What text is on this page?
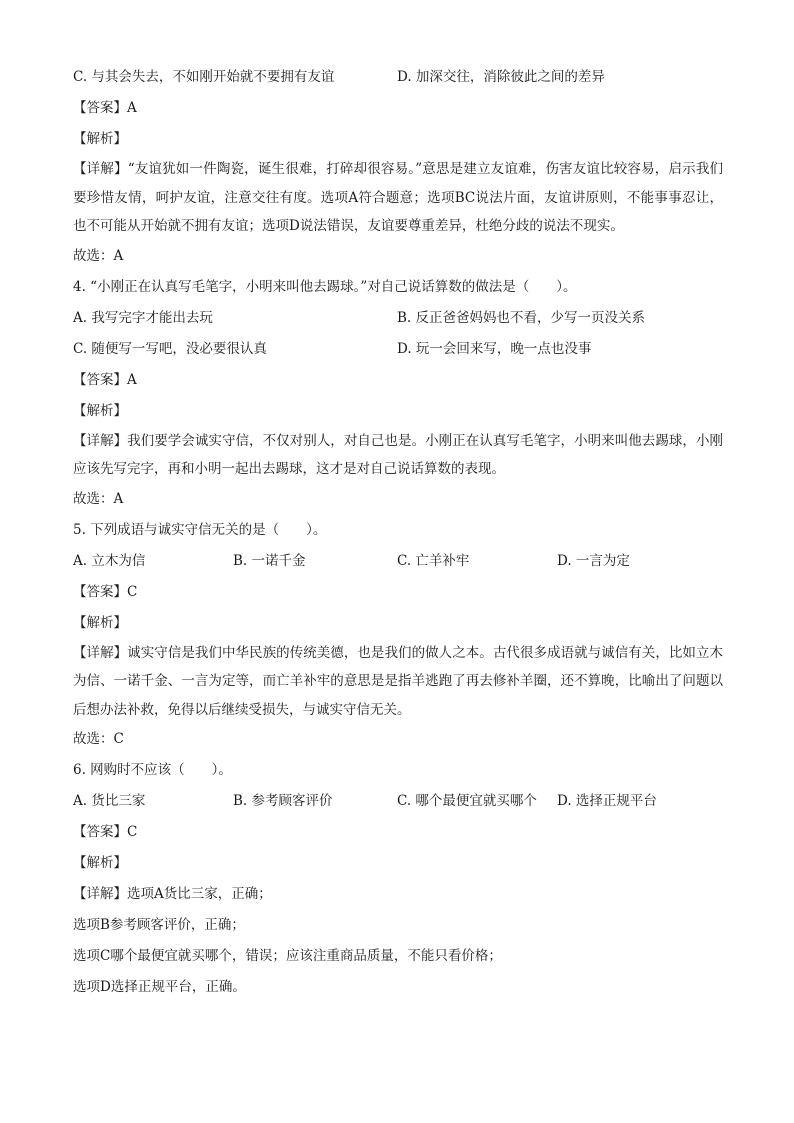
C. 与其会失去，不如刚开始就不要拥有友谊	D. 加深交往，消除彼此之间的差异
【答案】A
【解析】

【详解】“友谊犹如一件陶瓷，诞生很难，打碎却很容易。”意思是建立友谊难，伤害友谊比较容易，启示我们要珍惜友情，呵护友谊，注意交往有度。选项A符合题意；选项BC说法片面，友谊讲原则，不能事事忍让，也不可能从开始就不拥有友谊；选项D说法错误，友谊要尊重差异，杜绝分歧的说法不现实。

故选：A
4. “小刚正在认真写毛笔字，小明来叫他去踢球。”对自己说话算数的做法是（　　）。
A. 我写完字才能出去玩	B. 反正爸爸妈妈也不看，少写一页没关系
C. 随便写一写吧，没必要很认真	D. 玩一会回来写，晚一点也没事
【答案】A
【解析】

【详解】我们要学会诚实守信，不仅对别人，对自己也是。小刚正在认真写毛笔字，小明来叫他去踢球，小刚应该先写完字，再和小明一起出去踢球，这才是对自己说话算数的表现。

故选：A
5. 下列成语与诚实守信无关的是（　　）。
A. 立木为信	B. 一诺千金	C. 亡羊补牢	D. 一言为定
【答案】C
【解析】

【详解】诚实守信是我们中华民族的传统美德，也是我们的做人之本。古代很多成语就与诚信有关，比如立木为信、一诺千金、一言为定等，而亡羊补牢的意思是是指羊逃跑了再去修补羊圈，还不算晚，比喻出了问题以后想办法补救，免得以后继续受损失，与诚实守信无关。

故选：C
6. 网购时不应该（　　）。
A. 货比三家	B. 参考顾客评价	C. 哪个最便宜就买哪个 D. 选择正规平台
【答案】C
【解析】
【详解】选项A货比三家，正确；
选项B参考顾客评价，正确；
选项C哪个最便宜就买哪个，错误；应该注重商品质量，不能只看价格；
选项D选择正规平台，正确。
